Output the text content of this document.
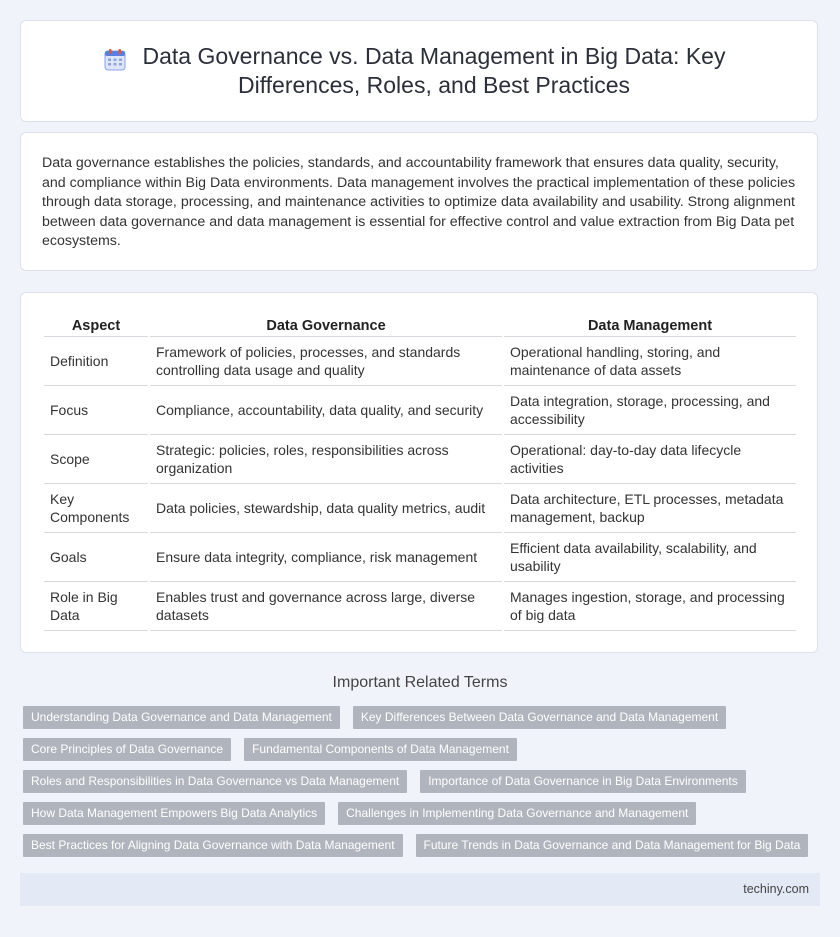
Data Governance vs. Data Management in Big Data: Key Differences, Roles, and Best Practices

Data governance establishes the policies, standards, and accountability framework that ensures data quality, security, and compliance within Big Data environments. Data management involves the practical implementation of these policies through data storage, processing, and maintenance activities to optimize data availability and usability. Strong alignment between data governance and data management is essential for effective control and value extraction from Big Data pet ecosystems.

Aspect	Data Governance	Data Management
Definition	Framework of policies, processes, and standards controlling data usage and quality	Operational handling, storing, and maintenance of data assets
Focus	Compliance, accountability, data quality, and security	Data integration, storage, processing, and accessibility
Scope	Strategic: policies, roles, responsibilities across organization	Operational: day-to-day data lifecycle activities
Key Components	Data policies, stewardship, data quality metrics, audit	Data architecture, ETL processes, metadata management, backup
Goals	Ensure data integrity, compliance, risk management	Efficient data availability, scalability, and usability
Role in Big Data	Enables trust and governance across large, diverse datasets	Manages ingestion, storage, and processing of big data
Important Related Terms
Understanding Data Governance and Data Management	Key Differences Between Data Governance and Data Management
Core Principles of Data Governance	Fundamental Components of Data Management
Roles and Responsibilities in Data Governance vs Data Management	Importance of Data Governance in Big Data Environments
How Data Management Empowers Big Data Analytics	Challenges in Implementing Data Governance and Management
Best Practices for Aligning Data Governance with Data Management	Future Trends in Data Governance and Data Management for Big Data
techiny.com
